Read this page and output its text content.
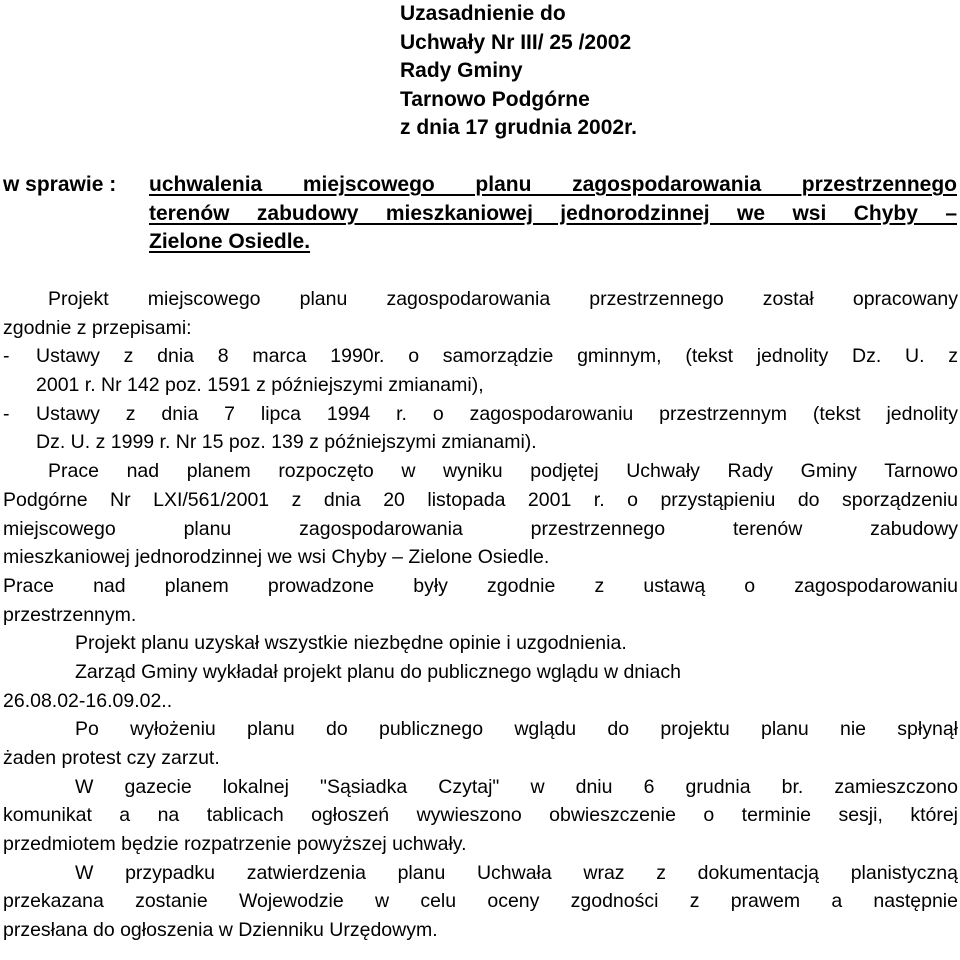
Uzasadnienie do
Uchwały Nr III/ 25 /2002
Rady Gminy
Tarnowo Podgórne
z dnia 17 grudnia 2002r.
w sprawie : uchwalenia miejscowego planu zagospodarowania przestrzennego
terenów zabudowy mieszkaniowej jednorodzinnej we wsi Chyby –
Zielone Osiedle.
Projekt miejscowego planu zagospodarowania przestrzennego został opracowany
zgodnie z przepisami:
- Ustawy z dnia 8 marca 1990r. o samorządzie gminnym, (tekst jednolity Dz. U. z
2001 r. Nr 142 poz. 1591 z późniejszymi zmianami),
- Ustawy z dnia 7 lipca 1994 r. o zagospodarowaniu przestrzennym (tekst jednolity
Dz. U. z 1999 r. Nr 15 poz. 139 z późniejszymi zmianami).
Prace nad planem rozpoczęto w wyniku podjętej Uchwały Rady Gminy Tarnowo
Podgórne Nr LXI/561/2001 z dnia 20 listopada 2001 r. o przystąpieniu do sporządzeniu
miejscowego planu zagospodarowania przestrzennego terenów zabudowy
mieszkaniowej jednorodzinnej we wsi Chyby – Zielone Osiedle.
Prace nad planem prowadzone były zgodnie z ustawą o zagospodarowaniu
przestrzennym.
Projekt planu uzyskał wszystkie niezbędne opinie i uzgodnienia.
Zarząd Gminy wykładał projekt planu do publicznego wglądu w dniach
26.08.02-16.09.02..
Po wyłożeniu planu do publicznego wglądu do projektu planu nie spłynął
żaden protest czy zarzut.
W gazecie lokalnej "Sąsiadka Czytaj" w dniu 6 grudnia br. zamieszczono
komunikat a na tablicach ogłoszeń wywieszono obwieszczenie o terminie sesji, której
przedmiotem będzie rozpatrzenie powyższej uchwały.
W przypadku zatwierdzenia planu Uchwała wraz z dokumentacją planistyczną
przekazana zostanie Wojewodzie w celu oceny zgodności z prawem a następnie
przesłana do ogłoszenia w Dzienniku Urzędowym.
